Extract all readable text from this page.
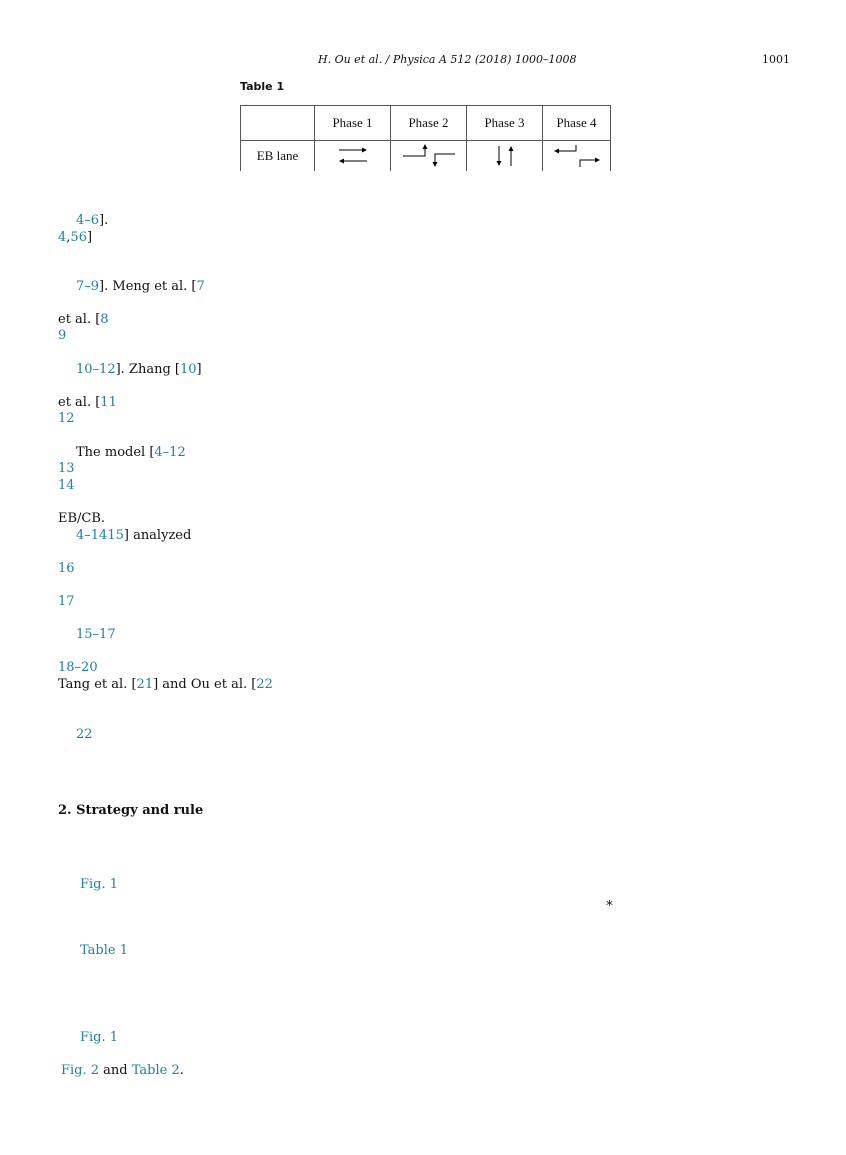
H. Ou et al. / Physica A 512 (2018) 1000–1008	1001
Table 1
	Phase 1	Phase 2	Phase 3	Phase 4
EB lane	

4–6].
4,56]
7–9]. Meng et al. [7
et al. [8
9
10–12]. Zhang [10]
et al. [11
12
The model [4–12
13
14
EB/CB.
4–1415] analyzed
16
17
15–17
18–20
Tang et al. [21] and Ou et al. [22
22
2. Strategy and rule
Fig. 1
∗
Table 1
Fig. 1
Fig. 2 and Table 2.
